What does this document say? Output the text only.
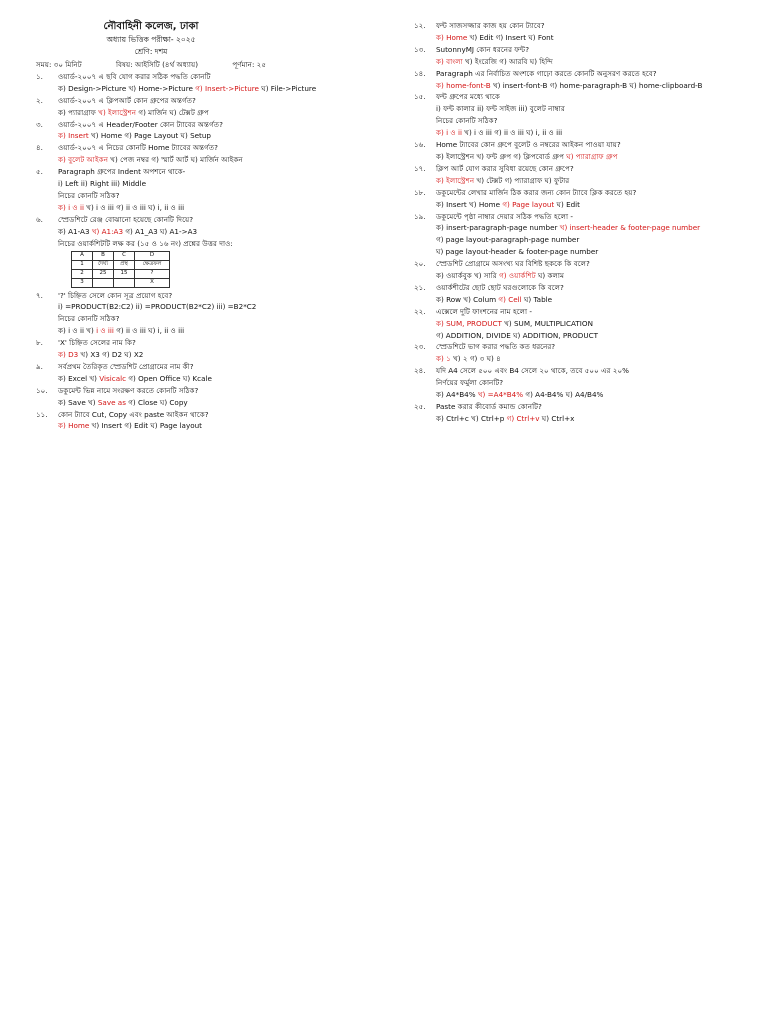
নৌবাহিনী কলেজ, ঢাকা
অধ্যায় ভিত্তিক পরীক্ষা- ২০২৫
শ্রেণি: দশম
সময়: ৩০ মিনিট	বিষয়: আইসিটি (৪র্থ অধ্যায়)	পূর্ণমান: ২৫
১.	ওয়ার্ড-২০০৭ এ ছবি যোগ করার সঠিক পদ্ধতি কোনটি
ক) Design->Picture খ) Home->Picture গ) Insert->Picture ঘ) File->Picture
২.	ওয়ার্ড-২০০৭ এ ক্লিপআর্ট কোন গ্রুপের অন্তর্গত?
ক) প্যারাগ্রাফ খ) ইলাস্ট্রেশন গ) মার্জিন ঘ) টেক্সট গ্রুপ
৩.	ওয়ার্ড-২০০৭ এ Header/Footer কোন ট্যাবের অন্তর্গত?
ক) Insert খ) Home গ) Page Layout ঘ) Setup
৪.	ওয়ার্ড-২০০৭ এ নিচের কোনটি Home ট্যাবের অন্তর্গত?
ক) বুলেট আইকন খ) পেজ নম্বর গ) স্মার্ট আর্ট ঘ) মার্জিন আইকন
৫.	Paragraph গ্রুপের Indent অপশনে থাকে-
i) Left ii) Right iii) Middle
নিচের কোনটি সঠিক?
ক) i ও ii খ) i ও iii গ) ii ও iii ঘ) i, ii ও iii
৬.	স্প্রেডশিটে রেঞ্জ বোঝানো হয়েছে কোনটি দিয়ে?
ক) A1-A3 খ) A1:A3 গ) A1_A3 ঘ) A1->A3
নিচের ওয়ার্কশিটটি লক্ষ কর (১৫ ও ১৬ নং) প্রশ্নের উত্তর দাও:
A	B	C	D
1	দৈর্ঘ্য	প্রস্থ	ক্ষেত্রফল
2	25	15	?
3			X
৭.	'?' চিহ্নিত সেলে কোন সূত্র প্রয়োগ হবে?
i) =PRODUCT(B2:C2) ii) =PRODUCT(B2*C2) iii) =B2*C2
নিচের কোনটি সঠিক?
ক) i ও ii খ) i ও iii গ) ii ও iii ঘ) i, ii ও iii
৮.	'X' চিহ্নিত সেলের নাম কি?
ক) D3 খ) X3 গ) D2 ঘ) X2
৯.	সর্বপ্রথম তৈরিকৃত স্প্রেডশিট প্রোগ্রামের নাম কী?
ক) Excel খ) Visicalc গ) Open Office ঘ) Kcale
১০.	ডকুমেন্ট ভিন্ন নামে সংরক্ষণ করতে কোনটি সঠিক?
ক) Save খ) Save as গ) Close ঘ) Copy
১১.	কোন ট্যাবে Cut, Copy এবং paste আইকন থাকে?
ক) Home খ) Insert গ) Edit ঘ) Page layout
১২.	ফন্ট সাজসজ্জার কাজ হয় কোন ট্যাবে?
ক) Home খ) Edit গ) Insert ঘ) Font
১৩.	SutonnyMJ কোন ধরনের ফন্ট?
ক) বাংলা খ) ইংরেজি গ) আরবি ঘ) হিন্দি
১৪.	Paragraph এর নির্বাচিত অংশকে গাঢ়ো করতে কোনটি অনুসরণ করতে হবে?
ক) home-font-B খ) insert-font-B গ) home-paragraph-B ঘ) home-clipboard-B
১৫.	ফন্ট গ্রুপের মধ্যে থাকে
i) ফন্ট কালার ii) ফন্ট সাইজ iii) বুলেট নাম্বার
নিচের কোনটি সঠিক?
ক) i ও ii খ) i ও iii গ) ii ও iii ঘ) i, ii ও iii
১৬.	Home ট্যাবের কোন গ্রুপে বুলেট ও নম্বরের আইকন পাওয়া যায়?
ক) ইলাস্ট্রেশন খ) ফন্ট গ্রুপ গ) ক্লিপবোর্ড গ্রুপ ঘ) প্যারাগ্রাফ গ্রুপ
১৭.	ক্লিপ আর্ট যোগ করার সুবিধা রয়েছে কোন গ্রুপে?
ক) ইলাস্ট্রেশন খ) টেক্সট গ) প্যারাগ্রাফ ঘ) ফুটার
১৮.	ডকুমেন্টের লেখার মার্জিন ঠিক করার জন্য কোন ট্যাবে ক্লিক করতে হয়?
ক) Insert খ) Home গ) Page layout ঘ) Edit
১৯.	ডকুমেন্টে পৃষ্ঠা নাম্বার দেয়ার সঠিক পদ্ধতি হলো -
ক) insert-paragraph-page number খ) insert-header & footer-page number
গ) page layout-paragraph-page number
ঘ) page layout-header & footer-page number
২০.	স্প্রেডশিট প্রোগ্রামে অসংখ্য ঘর বিশিষ্ট ছককে কি বলে?
ক) ওয়ার্কবুক খ) সারি গ) ওয়ার্কশিট ঘ) কলাম
২১.	ওয়ার্কশীটের ছোট ছোট ঘরগুলোকে কি বলে?
ক) Row খ) Colum গ) Cell ঘ) Table
২২.	এক্সেলে দুটি ফাংশনের নাম হলো -
ক) SUM, PRODUCT খ) SUM, MULTIPLICATION
গ) ADDITION, DIVIDE ঘ) ADDITION, PRODUCT
২৩.	স্প্রেডশিটে ভাগ করার পদ্ধতি কত ধরনের?
ক) ১ খ) ২ গ) ৩ ঘ) ৪
২৪.	যদি A4 সেলে ৫০০ এবং B4 সেলে ২০ থাকে, তবে ৫০০ এর ২০%
নির্ণয়ের ফর্মুলা কোনটি?
ক) A4*B4% খ) =A4*B4% গ) A4-B4% ঘ) A4/B4%
২৫.	Paste করার কীবোর্ড কমান্ড কোনটি?
ক) Ctrl+c খ) Ctrl+p গ) Ctrl+v ঘ) Ctrl+x
